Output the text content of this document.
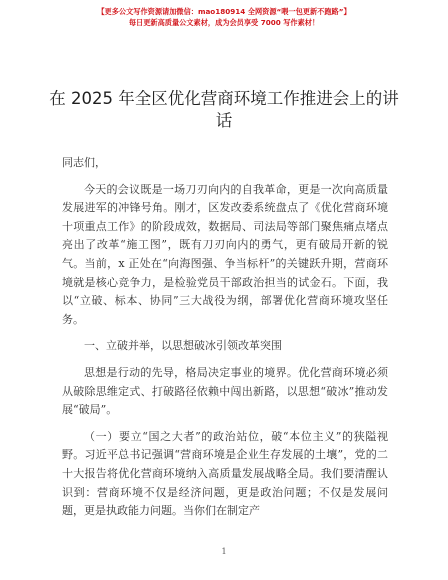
【更多公文写作资源请加微信：mao180914 全网资源“喂一包更新不跑路”】
每日更新高质量公文素材，成为会员享受 7000 写作素材！
在 2025 年全区优化营商环境工作推进会上的讲话

同志们，

今天的会议既是一场刀刃向内的自我革命，更是一次向高质量发展进军的冲锋号角。刚才，区发改委系统盘点了《优化营商环境十项重点工作》的阶段成效，数据局、司法局等部门聚焦痛点堵点亮出了改革“施工图”，既有刀刃向内的勇气，更有破局开新的锐气。当前，x 正处在“向海图强、争当标杆”的关键跃升期，营商环境就是核心竞争力，是检验党员干部政治担当的试金石。下面，我以“立破、标本、协同”三大战役为纲，部署优化营商环境攻坚任务。

一、立破并举，以思想破冰引领改革突围

思想是行动的先导，格局决定事业的境界。优化营商环境必须从破除思维定式、打破路径依赖中闯出新路，以思想“破冰”推动发展“破局”。

（一）要立“国之大者”的政治站位，破“本位主义”的狭隘视野。习近平总书记强调“营商环境是企业生存发展的土壤”，党的二十大报告将优化营商环境纳入高质量发展战略全局。我们要清醒认识到：营商环境不仅是经济问题，更是政治问题；不仅是发展问题，更是执政能力问题。当你们在制定产

1
